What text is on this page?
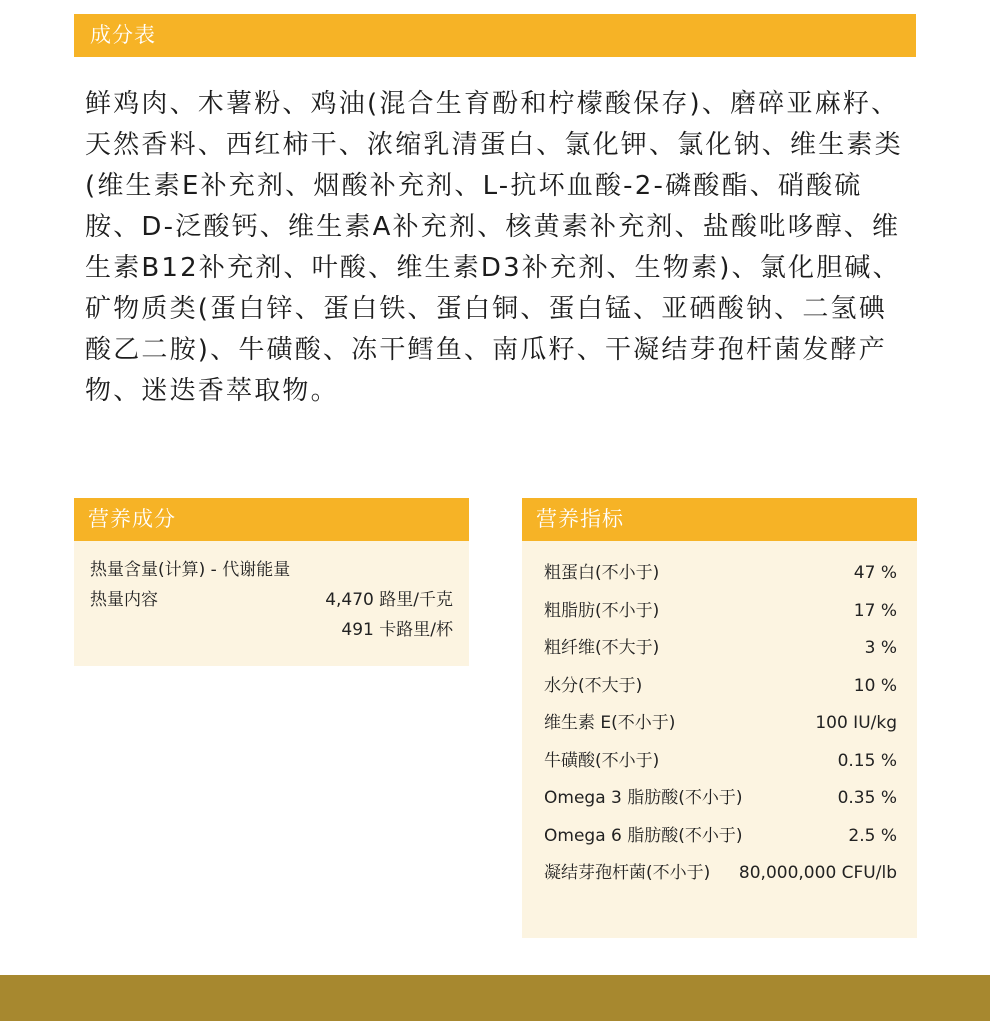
成分表

鲜鸡肉、木薯粉、鸡油(混合生育酚和柠檬酸保存)、磨碎亚麻籽、天然香料、西红柿干、浓缩乳清蛋白、氯化钾、氯化钠、维生素类(维生素E补充剂、烟酸补充剂、L-抗坏血酸-2-磷酸酯、硝酸硫胺、D-泛酸钙、维生素A补充剂、核黄素补充剂、盐酸吡哆醇、维生素B12补充剂、叶酸、维生素D3补充剂、生物素)、氯化胆碱、矿物质类(蛋白锌、蛋白铁、蛋白铜、蛋白锰、亚硒酸钠、二氢碘酸乙二胺)、牛磺酸、冻干鳕鱼、南瓜籽、干凝结芽孢杆菌发酵产物、迷迭香萃取物。

营养成分
热量含量(计算) - 代谢能量
热量内容	4,470 路里/千克
491 卡路里/杯
营养指标
粗蛋白(不小于)	47 %
粗脂肪(不小于)	17 %
粗纤维(不大于)	3 %
水分(不大于)	10 %
维生素 E(不小于)	100 IU/kg
牛磺酸(不小于)	0.15 %
Omega 3 脂肪酸(不小于)	0.35 %
Omega 6 脂肪酸(不小于)	2.5 %
凝结芽孢杆菌(不小于) 80,000,000 CFU/lb
